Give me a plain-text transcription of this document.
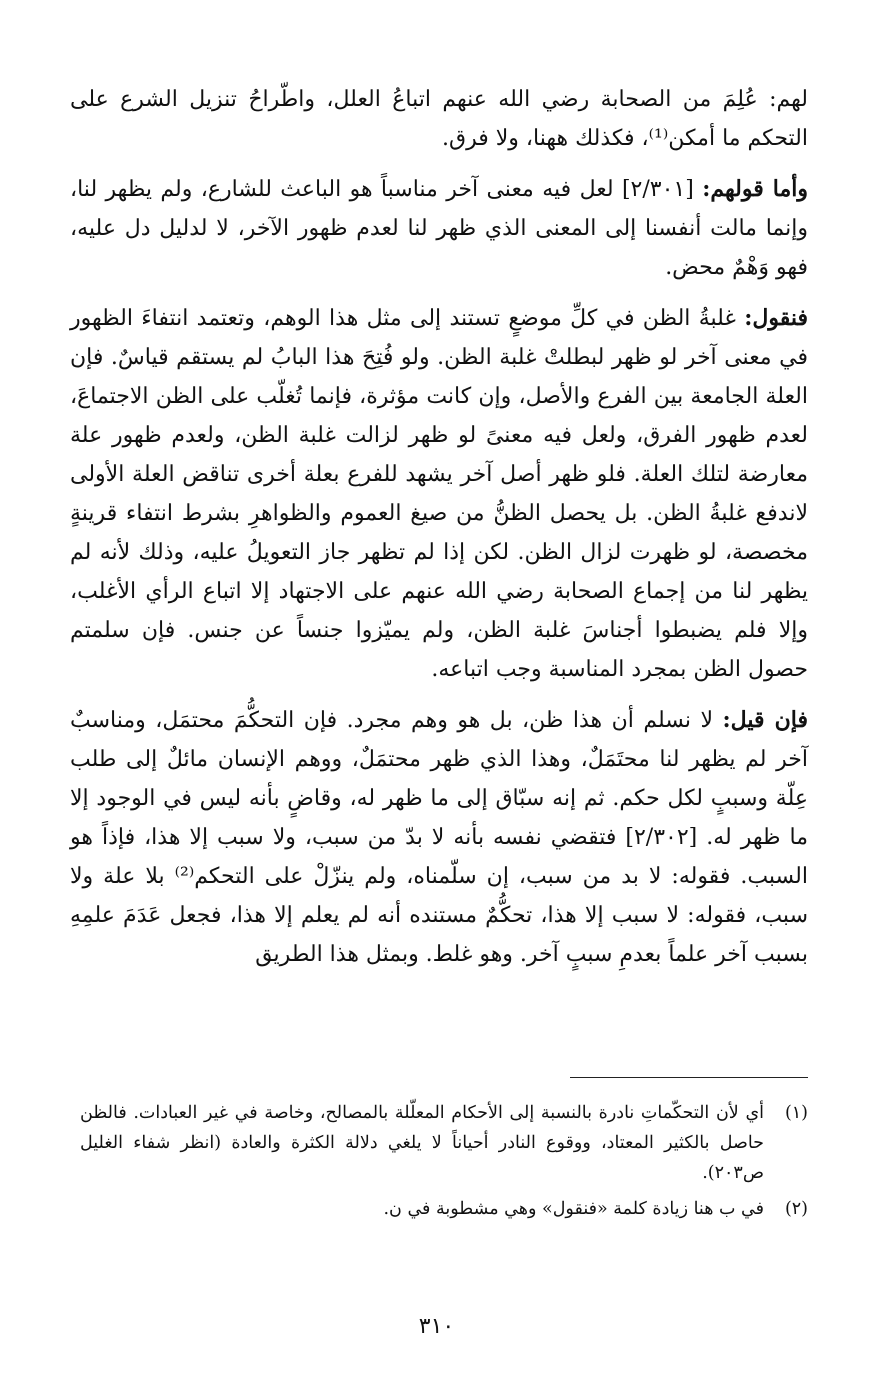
لهم: عُلِمَ من الصحابة رضي الله عنهم اتباعُ العلل، واطّراحُ تنزيل الشرع على التحكم ما أمكن⁽¹⁾، فكذلك ههنا، ولا فرق.

وأما قولهم: [٢/٣٠١] لعل فيه معنى آخر مناسباً هو الباعث للشارع، ولم يظهر لنا، وإنما مالت أنفسنا إلى المعنى الذي ظهر لنا لعدم ظهور الآخر، لا لدليل دل عليه، فهو وَهْمٌ محض.

فنقول: غلبةُ الظن في كلِّ موضعٍ تستند إلى مثل هذا الوهم، وتعتمد انتفاءَ الظهور في معنى آخر لو ظهر لبطلتْ غلبة الظن. ولو فُتِحَ هذا البابُ لم يستقم قياسٌ. فإن العلة الجامعة بين الفرع والأصل، وإن كانت مؤثرة، فإنما تُغلّب على الظن الاجتماعَ، لعدم ظهور الفرق، ولعل فيه معنىً لو ظهر لزالت غلبة الظن، ولعدم ظهور علة معارضة لتلك العلة. فلو ظهر أصل آخر يشهد للفرع بعلة أخرى تناقض العلة الأولى لاندفع غلبةُ الظن. بل يحصل الظنُّ من صيغ العموم والظواهرِ بشرط انتفاء قرينةٍ مخصصة، لو ظهرت لزال الظن. لكن إذا لم تظهر جاز التعويلُ عليه، وذلك لأنه لم يظهر لنا من إجماع الصحابة رضي الله عنهم على الاجتهاد إلا اتباع الرأي الأغلب، وإلا فلم يضبطوا أجناسَ غلبة الظن، ولم يميّزوا جنساً عن جنس. فإن سلمتم حصول الظن بمجرد المناسبة وجب اتباعه.

فإن قيل: لا نسلم أن هذا ظن، بل هو وهم مجرد. فإن التحكُّمَ محتمَل، ومناسبٌ آخر لم يظهر لنا محتَمَلٌ، وهذا الذي ظهر محتمَلٌ، ووهم الإنسان مائلٌ إلى طلب عِلّة وسببٍ لكل حكم. ثم إنه سبّاق إلى ما ظهر له، وقاضٍ بأنه ليس في الوجود إلا ما ظهر له. [٢/٣٠٢] فتقضي نفسه بأنه لا بدّ من سبب، ولا سبب إلا هذا، فإذاً هو السبب. فقوله: لا بد من سبب، إن سلّمناه، ولم ينزّلْ على التحكم⁽²⁾ بلا علة ولا سبب، فقوله: لا سبب إلا هذا، تحكُّمٌ مستنده أنه لم يعلم إلا هذا، فجعل عَدَمَ علمِهِ بسبب آخر علماً بعدمِ سببٍ آخر. وهو غلط. وبمثل هذا الطريق

(١)
أي لأن التحكّماتِ نادرة بالنسبة إلى الأحكام المعلّلة بالمصالح، وخاصة في غير العبادات. فالظن حاصل بالكثير المعتاد، ووقوع النادر أحياناً لا يلغي دلالة الكثرة والعادة (انظر شفاء الغليل ص٢٠٣).
(٢)
في ب هنا زيادة كلمة «فنقول» وهي مشطوبة في ن.
٣١٠
